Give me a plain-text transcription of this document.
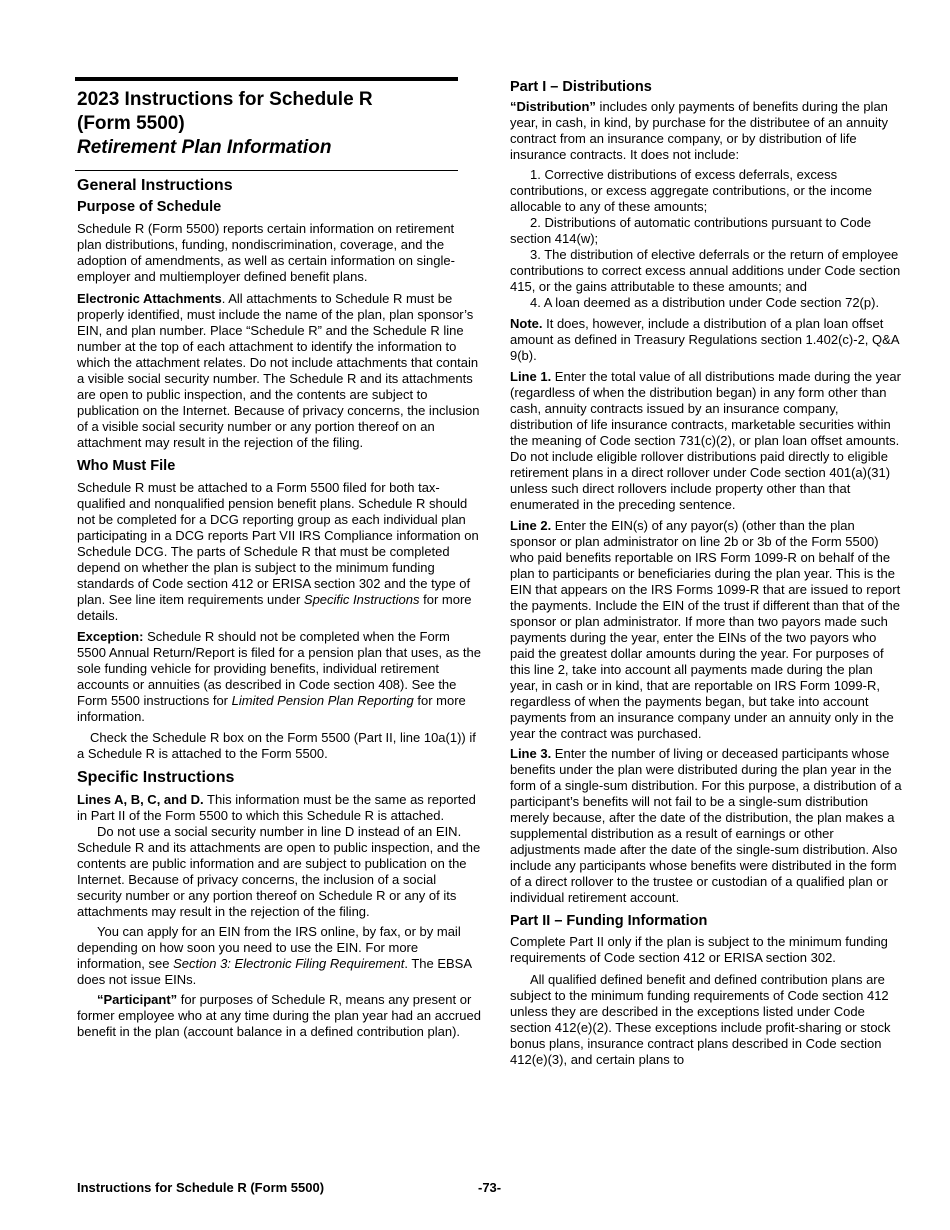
2023 Instructions for Schedule R
(Form 5500)
Retirement Plan Information
General Instructions
Purpose of Schedule

Schedule R (Form 5500) reports certain information on retirement plan distributions, funding, nondiscrimination, coverage, and the adoption of amendments, as well as certain information on single-employer and multiemployer defined benefit plans.

Electronic Attachments. All attachments to Schedule R must be properly identified, must include the name of the plan, plan sponsor’s EIN, and plan number. Place “Schedule R” and the Schedule R line number at the top of each attachment to identify the information to which the attachment relates. Do not include attachments that contain a visible social security number. The Schedule R and its attachments are open to public inspection, and the contents are subject to publication on the Internet. Because of privacy concerns, the inclusion of a visible social security number or any portion thereof on an attachment may result in the rejection of the filing.

Who Must File

Schedule R must be attached to a Form 5500 filed for both tax-qualified and nonqualified pension benefit plans. Schedule R should not be completed for a DCG reporting group as each individual plan participating in a DCG reports Part VII IRS Compliance information on Schedule DCG. The parts of Schedule R that must be completed depend on whether the plan is subject to the minimum funding standards of Code section 412 or ERISA section 302 and the type of plan. See line item requirements under Specific Instructions for more details.

Exception: Schedule R should not be completed when the Form 5500 Annual Return/Report is filed for a pension plan that uses, as the sole funding vehicle for providing benefits, individual retirement accounts or annuities (as described in Code section 408). See the Form 5500 instructions for Limited Pension Plan Reporting for more information.

Check the Schedule R box on the Form 5500 (Part II, line 10a(1)) if a Schedule R is attached to the Form 5500.

Specific Instructions

Lines A, B, C, and D. This information must be the same as reported in Part II of the Form 5500 to which this Schedule R is attached.

Do not use a social security number in line D instead of an EIN. Schedule R and its attachments are open to public inspection, and the contents are public information and are subject to publication on the Internet. Because of privacy concerns, the inclusion of a social security number or any portion thereof on Schedule R or any of its attachments may result in the rejection of the filing.

You can apply for an EIN from the IRS online, by fax, or by mail depending on how soon you need to use the EIN. For more information, see Section 3: Electronic Filing Requirement. The EBSA does not issue EINs.

“Participant” for purposes of Schedule R, means any present or former employee who at any time during the plan year had an accrued benefit in the plan (account balance in a defined contribution plan).

Part I – Distributions

“Distribution” includes only payments of benefits during the plan year, in cash, in kind, by purchase for the distributee of an annuity contract from an insurance company, or by distribution of life insurance contracts. It does not include:

1. Corrective distributions of excess deferrals, excess contributions, or excess aggregate contributions, or the income allocable to any of these amounts;

2. Distributions of automatic contributions pursuant to Code section 414(w);

3. The distribution of elective deferrals or the return of employee contributions to correct excess annual additions under Code section 415, or the gains attributable to these amounts; and

4. A loan deemed as a distribution under Code section 72(p).

Note. It does, however, include a distribution of a plan loan offset amount as defined in Treasury Regulations section 1.402(c)-2, Q&A 9(b).

Line 1. Enter the total value of all distributions made during the year (regardless of when the distribution began) in any form other than cash, annuity contracts issued by an insurance company, distribution of life insurance contracts, marketable securities within the meaning of Code section 731(c)(2), or plan loan offset amounts. Do not include eligible rollover distributions paid directly to eligible retirement plans in a direct rollover under Code section 401(a)(31) unless such direct rollovers include property other than that enumerated in the preceding sentence.

Line 2. Enter the EIN(s) of any payor(s) (other than the plan sponsor or plan administrator on line 2b or 3b of the Form 5500) who paid benefits reportable on IRS Form 1099-R on behalf of the plan to participants or beneficiaries during the plan year. This is the EIN that appears on the IRS Forms 1099-R that are issued to report the payments. Include the EIN of the trust if different than that of the sponsor or plan administrator. If more than two payors made such payments during the year, enter the EINs of the two payors who paid the greatest dollar amounts during the year. For purposes of this line 2, take into account all payments made during the plan year, in cash or in kind, that are reportable on IRS Form 1099-R, regardless of when the payments began, but take into account payments from an insurance company under an annuity only in the year the contract was purchased.

Line 3. Enter the number of living or deceased participants whose benefits under the plan were distributed during the plan year in the form of a single-sum distribution. For this purpose, a distribution of a participant’s benefits will not fail to be a single-sum distribution merely because, after the date of the distribution, the plan makes a supplemental distribution as a result of earnings or other adjustments made after the date of the single-sum distribution. Also include any participants whose benefits were distributed in the form of a direct rollover to the trustee or custodian of a qualified plan or individual retirement account.

Part II – Funding Information

Complete Part II only if the plan is subject to the minimum funding requirements of Code section 412 or ERISA section 302.

All qualified defined benefit and defined contribution plans are subject to the minimum funding requirements of Code section 412 unless they are described in the exceptions listed under Code section 412(e)(2). These exceptions include profit-sharing or stock bonus plans, insurance contract plans described in Code section 412(e)(3), and certain plans to

Instructions for Schedule R (Form 5500)	-73-
